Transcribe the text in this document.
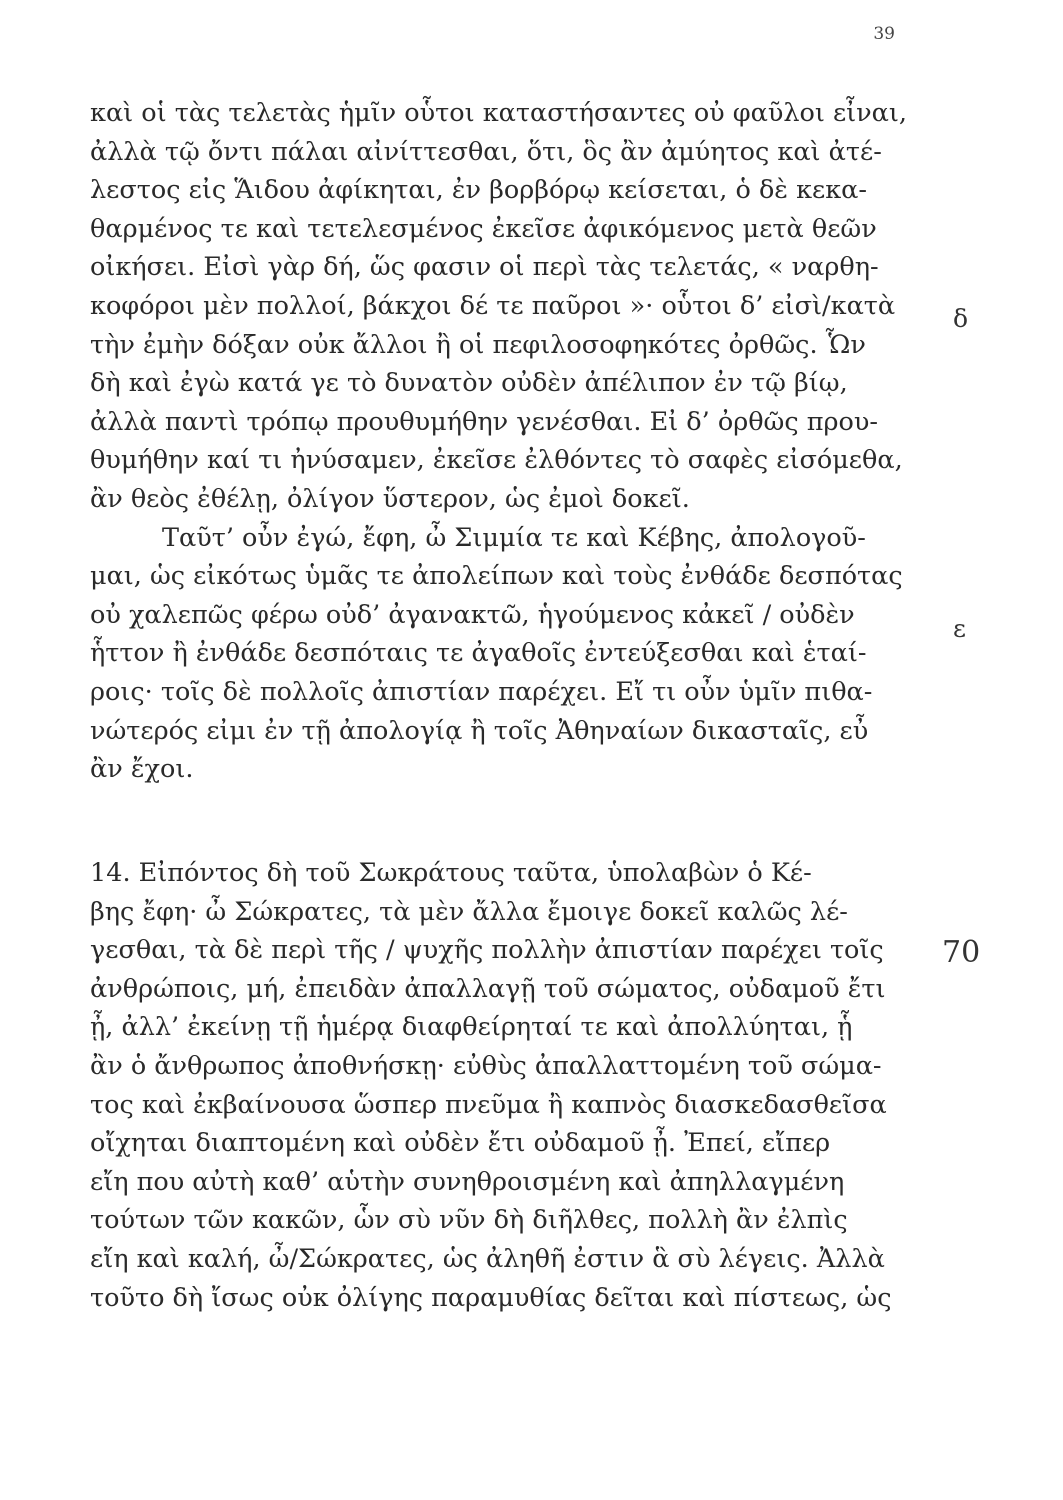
39
δ
ε
70
καὶ οἱ τὰς τελετὰς ἡμῖν οὗτοι καταστήσαντες οὐ φαῦλοι εἶναι,
ἀλλὰ τῷ ὄντι πάλαι αἰνίττεσθαι, ὅτι, ὃς ἂν ἀμύητος καὶ ἀτέ-
λεστος εἰς Ἅιδου ἀφίκηται, ἐν βορβόρῳ κείσεται, ὁ δὲ κεκα-
θαρμένος τε καὶ τετελεσμένος ἐκεῖσε ἀφικόμενος μετὰ θεῶν
οἰκήσει. Εἰσὶ γὰρ δή, ὥς φασιν οἱ περὶ τὰς τελετάς, « ναρθη-
κοφόροι μὲν πολλοί, βάκχοι δέ τε παῦροι »· οὗτοι δ’ εἰσὶ/κατὰ
τὴν ἐμὴν δόξαν οὐκ ἄλλοι ἢ οἱ πεφιλοσοφηκότες ὀρθῶς. Ὧν
δὴ καὶ ἐγὼ κατά γε τὸ δυνατὸν οὐδὲν ἀπέλιπον ἐν τῷ βίῳ,
ἀλλὰ παντὶ τρόπῳ προυθυμήθην γενέσθαι. Εἰ δ’ ὀρθῶς πρου-
θυμήθην καί τι ἠνύσαμεν, ἐκεῖσε ἐλθόντες τὸ σαφὲς εἰσόμεθα,
ἂν θεὸς ἐθέλῃ, ὀλίγον ὕστερον, ὡς ἐμοὶ δοκεῖ.
Ταῦτ’ οὖν ἐγώ, ἔφη, ὦ Σιμμία τε καὶ Κέβης, ἀπολογοῦ-
μαι, ὡς εἰκότως ὑμᾶς τε ἀπολείπων καὶ τοὺς ἐνθάδε δεσπότας
οὐ χαλεπῶς φέρω οὐδ’ ἀγανακτῶ, ἡγούμενος κἀκεῖ / οὐδὲν
ἧττον ἢ ἐνθάδε δεσπόταις τε ἀγαθοῖς ἐντεύξεσθαι καὶ ἑταί-
ροις· τοῖς δὲ πολλοῖς ἀπιστίαν παρέχει. Εἴ τι οὖν ὑμῖν πιθα-
νώτερός εἰμι ἐν τῇ ἀπολογίᾳ ἢ τοῖς Ἀθηναίων δικασταῖς, εὖ
ἂν ἔχοι.
14. Εἰπόντος δὴ τοῦ Σωκράτους ταῦτα, ὑπολαβὼν ὁ Κέ-
βης ἔφη· ὦ Σώκρατες, τὰ μὲν ἄλλα ἔμοιγε δοκεῖ καλῶς λέ-
γεσθαι, τὰ δὲ περὶ τῆς / ψυχῆς πολλὴν ἀπιστίαν παρέχει τοῖς
ἀνθρώποις, μή, ἐπειδὰν ἀπαλλαγῇ τοῦ σώματος, οὐδαμοῦ ἔτι
ᾖ, ἀλλ’ ἐκείνῃ τῇ ἡμέρᾳ διαφθείρηταί τε καὶ ἀπολλύηται, ᾗ
ἂν ὁ ἄνθρωπος ἀποθνήσκῃ· εὐθὺς ἀπαλλαττομένη τοῦ σώμα-
τος καὶ ἐκβαίνουσα ὥσπερ πνεῦμα ἢ καπνὸς διασκεδασθεῖσα
οἴχηται διαπτομένη καὶ οὐδὲν ἔτι οὐδαμοῦ ᾖ. Ἐπεί, εἴπερ
εἴη που αὐτὴ καθ’ αὑτὴν συνηθροισμένη καὶ ἀπηλλαγμένη
τούτων τῶν κακῶν, ὧν σὺ νῦν δὴ διῆλθες, πολλὴ ἂν ἐλπὶς
εἴη καὶ καλή, ὦ/Σώκρατες, ὡς ἀληθῆ ἐστιν ἃ σὺ λέγεις. Ἀλλὰ
τοῦτο δὴ ἴσως οὐκ ὀλίγης παραμυθίας δεῖται καὶ πίστεως, ὡς
